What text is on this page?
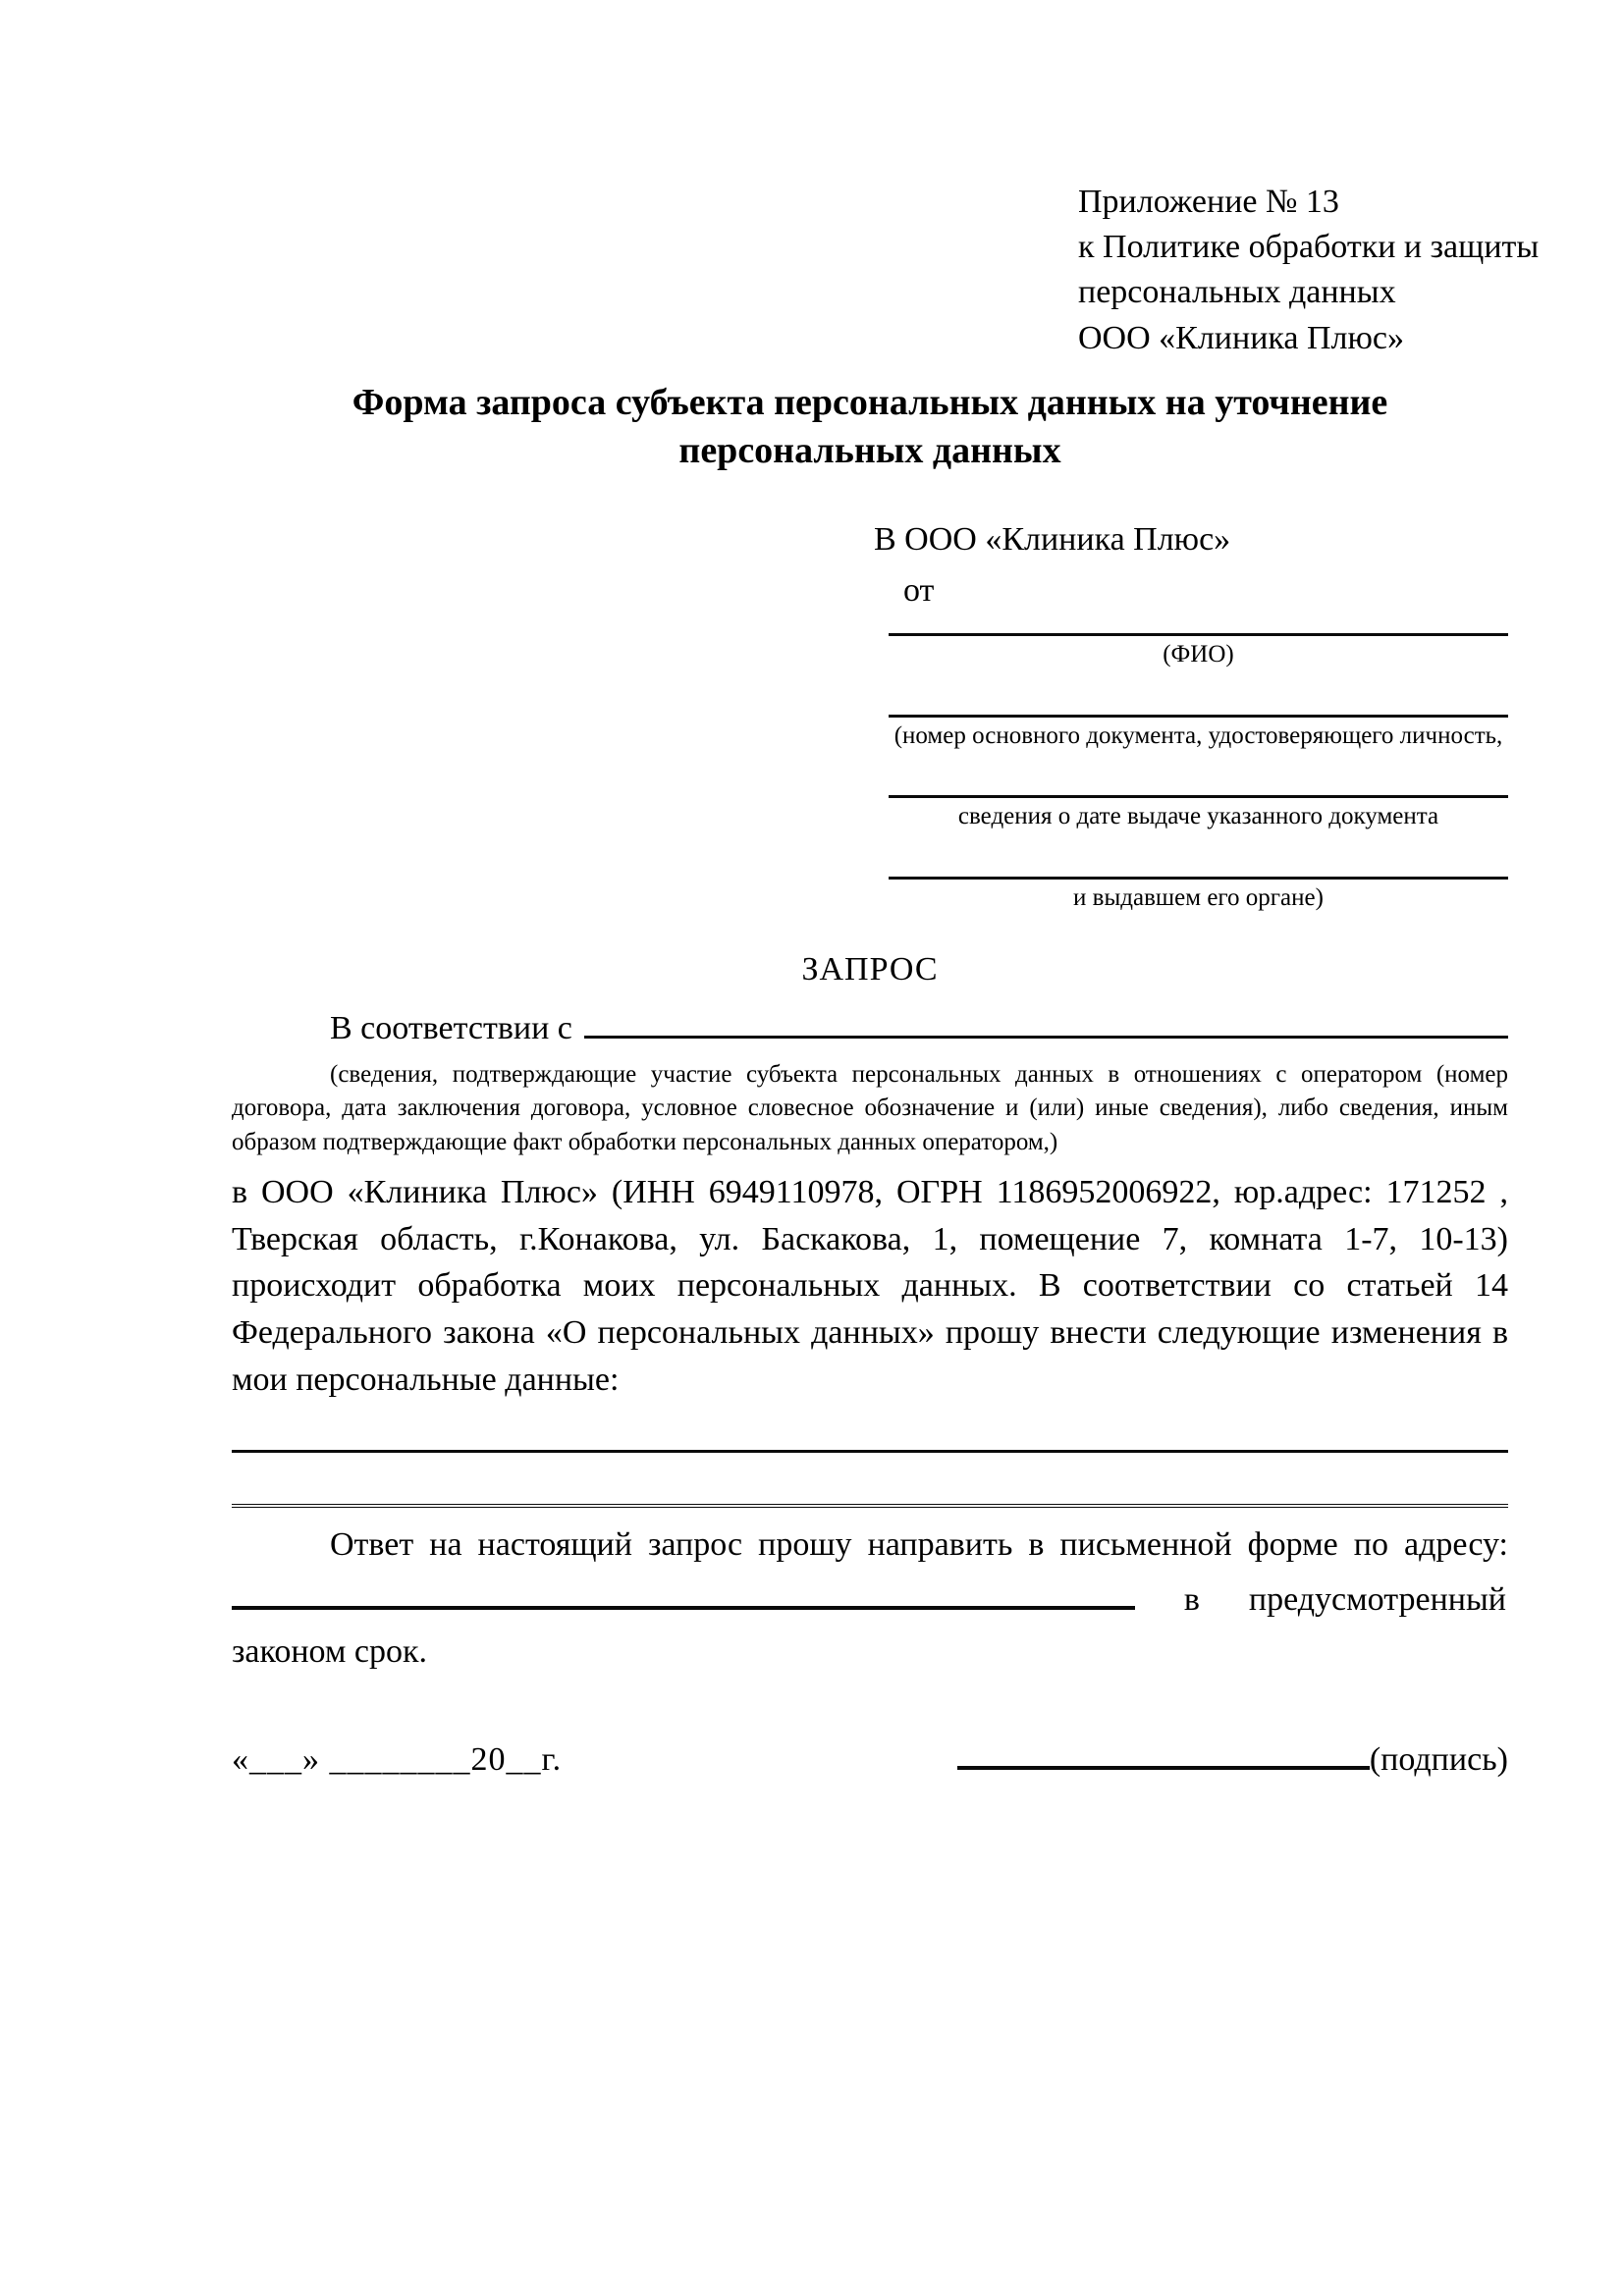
Приложение № 13
к Политике обработки и защиты
персональных данных
ООО «Клиника Плюс»
Форма запроса субъекта персональных данных на уточнение персональных данных
В ООО «Клиника Плюс»
от
(ФИО)
(номер основного документа, удостоверяющего личность,
сведения о дате выдаче указанного документа
и выдавшем его органе)
ЗАПРОС
В соответствии с

(сведения, подтверждающие участие субъекта персональных данных в отношениях с оператором (номер договора, дата заключения договора, условное словесное обозначение и (или) иные сведения), либо сведения, иным образом подтверждающие факт обработки персональных данных оператором,)

в ООО «Клиника Плюс» (ИНН 6949110978, ОГРН 1186952006922, юр.адрес: 171252 , Тверская область, г.Конакова, ул. Баскакова, 1, помещение 7, комната 1-7, 10-13) происходит обработка моих персональных данных. В соответствии со статьей 14 Федерального закона «О персональных данных» прошу внести следующие изменения в мои персональные данные:

Ответ на настоящий запрос прошу направить в письменной форме по адресу:

в предусмотренный

законом срок.

«___» ________20__г.	(подпись)
